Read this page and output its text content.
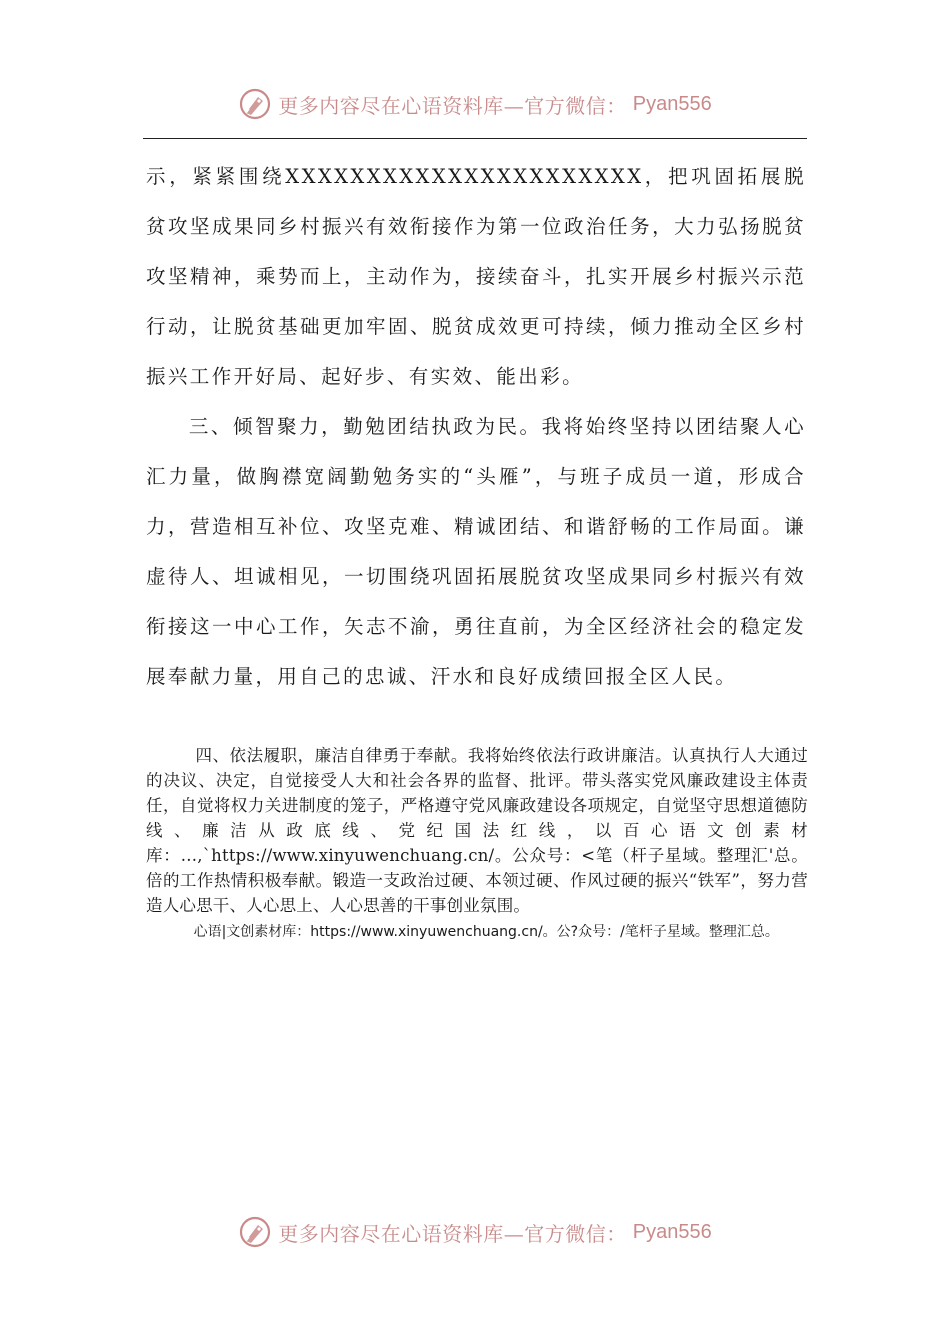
更多内容尽在心语资料库—官方微信： Pyan556

示，紧紧围绕XXXXXXXXXXXXXXXXXXXXXX，把巩固拓展脱贫攻坚成果同乡村振兴有效衔接作为第一位政治任务，大力弘扬脱贫攻坚精神，乘势而上，主动作为，接续奋斗，扎实开展乡村振兴示范行动，让脱贫基础更加牢固、脱贫成效更可持续，倾力推动全区乡村振兴工作开好局、起好步、有实效、能出彩。

三、倾智聚力，勤勉团结执政为民。我将始终坚持以团结聚人心汇力量，做胸襟宽阔勤勉务实的“头雁”，与班子成员一道，形成合力，营造相互补位、攻坚克难、精诚团结、和谐舒畅的工作局面。谦虚待人、坦诚相见，一切围绕巩固拓展脱贫攻坚成果同乡村振兴有效衔接这一中心工作，矢志不渝，勇往直前，为全区经济社会的稳定发展奉献力量，用自己的忠诚、汗水和良好成绩回报全区人民。

四、依法履职，廉洁自律勇于奉献。我将始终依法行政讲廉洁。认真执行人大通过的决议、决定，自觉接受人大和社会各界的监督、批评。带头落实党风廉政建设主体责任，自觉将权力关进制度的笼子，严格遵守党风廉政建设各项规定，自觉坚守思想道德防线、廉洁从政底线、党纪国法红线，以百心语文创素材库：…,`https://www.xinyuwenchuang.cn/。公众号：<笔（杆子星域。整理汇'总。倍的工作热情积极奉献。锻造一支政治过硬、本领过硬、作风过硬的振兴“铁军”，努力营造人心思干、人心思上、人心思善的干事创业氛围。

心语|文创素材库：https://www.xinyuwenchuang.cn/。公?众号：/笔杆子星域。整理汇总。

更多内容尽在心语资料库—官方微信： Pyan556
